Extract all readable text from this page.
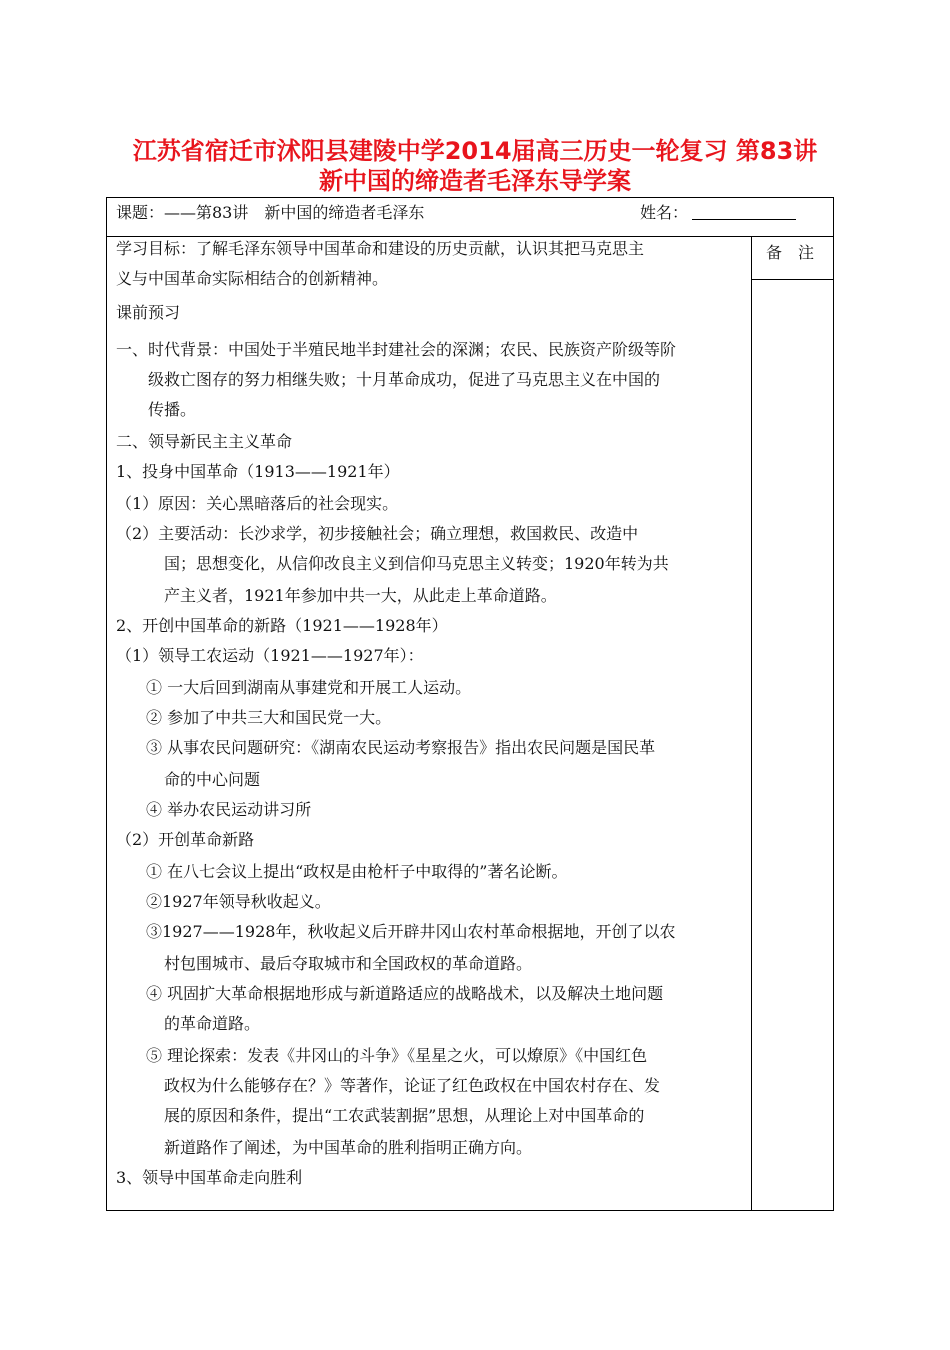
江苏省宿迁市沭阳县建陵中学2014届高三历史一轮复习 第83讲
新中国的缔造者毛泽东导学案
课题：——第83讲　新中国的缔造者毛泽东	姓名：
备　注
学习目标：了解毛泽东领导中国革命和建设的历史贡献，认识其把马克思主
义与中国革命实际相结合的创新精神。
课前预习
一、时代背景：中国处于半殖民地半封建社会的深渊；农民、民族资产阶级等阶
级救亡图存的努力相继失败；十月革命成功，促进了马克思主义在中国的
传播。
二、领导新民主主义革命
1、投身中国革命（1913——1921年）
（1）原因：关心黑暗落后的社会现实。
（2）主要活动：长沙求学，初步接触社会；确立理想，救国救民、改造中
国；思想变化，从信仰改良主义到信仰马克思主义转变；1920年转为共
产主义者，1921年参加中共一大，从此走上革命道路。
2、开创中国革命的新路（1921——1928年）
（1）领导工农运动（1921——1927年）：
① 一大后回到湖南从事建党和开展工人运动。
② 参加了中共三大和国民党一大。
③ 从事农民问题研究：《湖南农民运动考察报告》指出农民问题是国民革
命的中心问题
④ 举办农民运动讲习所
（2）开创革命新路
① 在八七会议上提出“政权是由枪杆子中取得的”著名论断。
②1927年领导秋收起义。
③1927——1928年，秋收起义后开辟井冈山农村革命根据地，开创了以农
村包围城市、最后夺取城市和全国政权的革命道路。
④ 巩固扩大革命根据地形成与新道路适应的战略战术，以及解决土地问题
的革命道路。
⑤ 理论探索：发表《井冈山的斗争》《星星之火，可以燎原》《中国红色
政权为什么能够存在？》等著作，论证了红色政权在中国农村存在、发
展的原因和条件，提出“工农武装割据”思想，从理论上对中国革命的
新道路作了阐述，为中国革命的胜利指明正确方向。
3、领导中国革命走向胜利
